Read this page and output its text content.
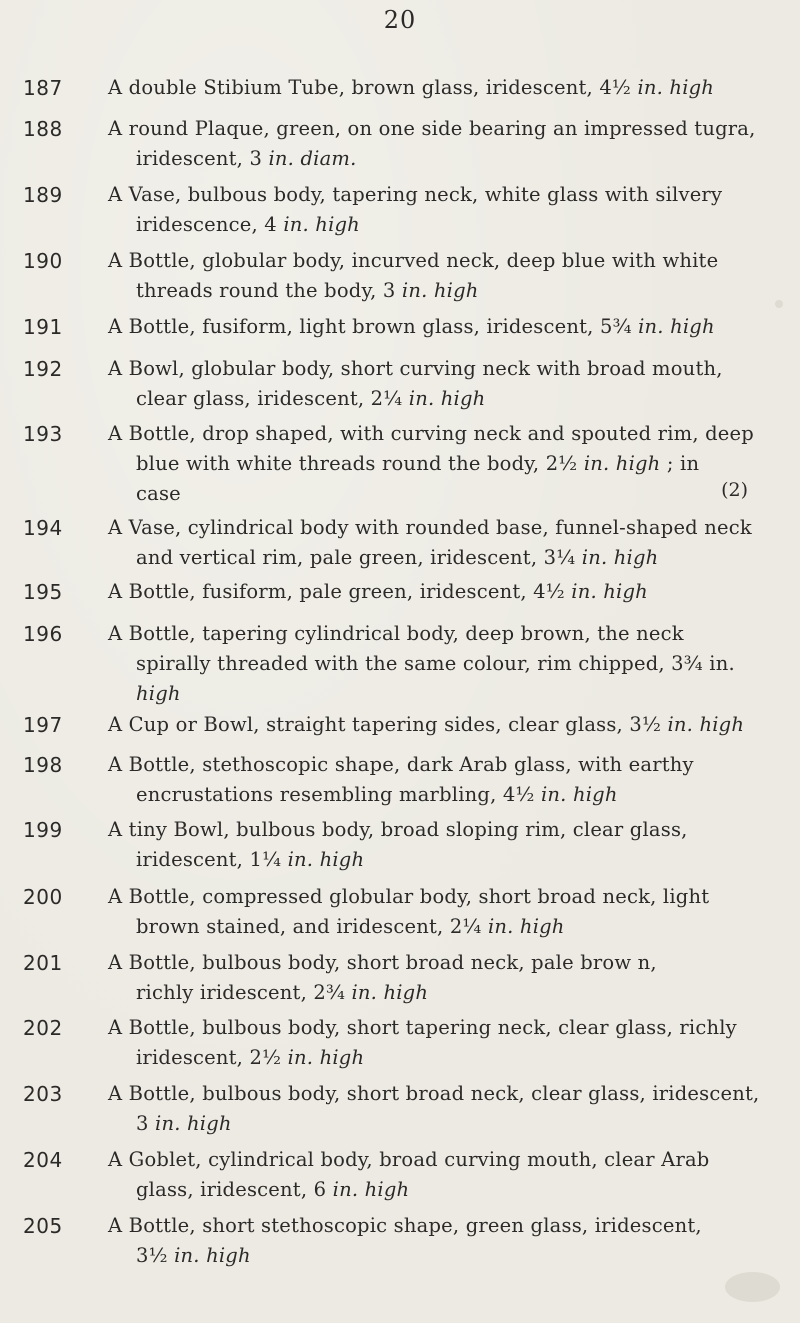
20
187	A double Stibium Tube, brown glass, iridescent, 4½ in. high
188	A round Plaque, green, on one side bearing an impressed tugra,
iridescent, 3 in. diam.
189	A Vase, bulbous body, tapering neck, white glass with silvery
iridescence, 4 in. high
190	A Bottle, globular body, incurved neck, deep blue with white
threads round the body, 3 in. high
191	A Bottle, fusiform, light brown glass, iridescent, 5¾ in. high
192	A Bowl, globular body, short curving neck with broad mouth,
clear glass, iridescent, 2¼ in. high
193	A Bottle, drop shaped, with curving neck and spouted rim, deep
blue with white threads round the body, 2½ in. high ; in
case	(2)
194	A Vase, cylindrical body with rounded base, funnel-shaped neck
and vertical rim, pale green, iridescent, 3¼ in. high
195	A Bottle, fusiform, pale green, iridescent, 4½ in. high
196	A Bottle, tapering cylindrical body, deep brown, the neck
spirally threaded with the same colour, rim chipped, 3¾ in.
high
197	A Cup or Bowl, straight tapering sides, clear glass, 3½ in. high
198	A Bottle, stethoscopic shape, dark Arab glass, with earthy
encrustations resembling marbling, 4½ in. high
199	A tiny Bowl, bulbous body, broad sloping rim, clear glass,
iridescent, 1¼ in. high
200	A Bottle, compressed globular body, short broad neck, light
brown stained, and iridescent, 2¼ in. high
201	A Bottle, bulbous body, short broad neck, pale brow n,
richly iridescent, 2¾ in. high
202	A Bottle, bulbous body, short tapering neck, clear glass, richly
iridescent, 2½ in. high
203	A Bottle, bulbous body, short broad neck, clear glass, iridescent,
3 in. high
204	A Goblet, cylindrical body, broad curving mouth, clear Arab
glass, iridescent, 6 in. high
205	A Bottle, short stethoscopic shape, green glass, iridescent,
3½ in. high
